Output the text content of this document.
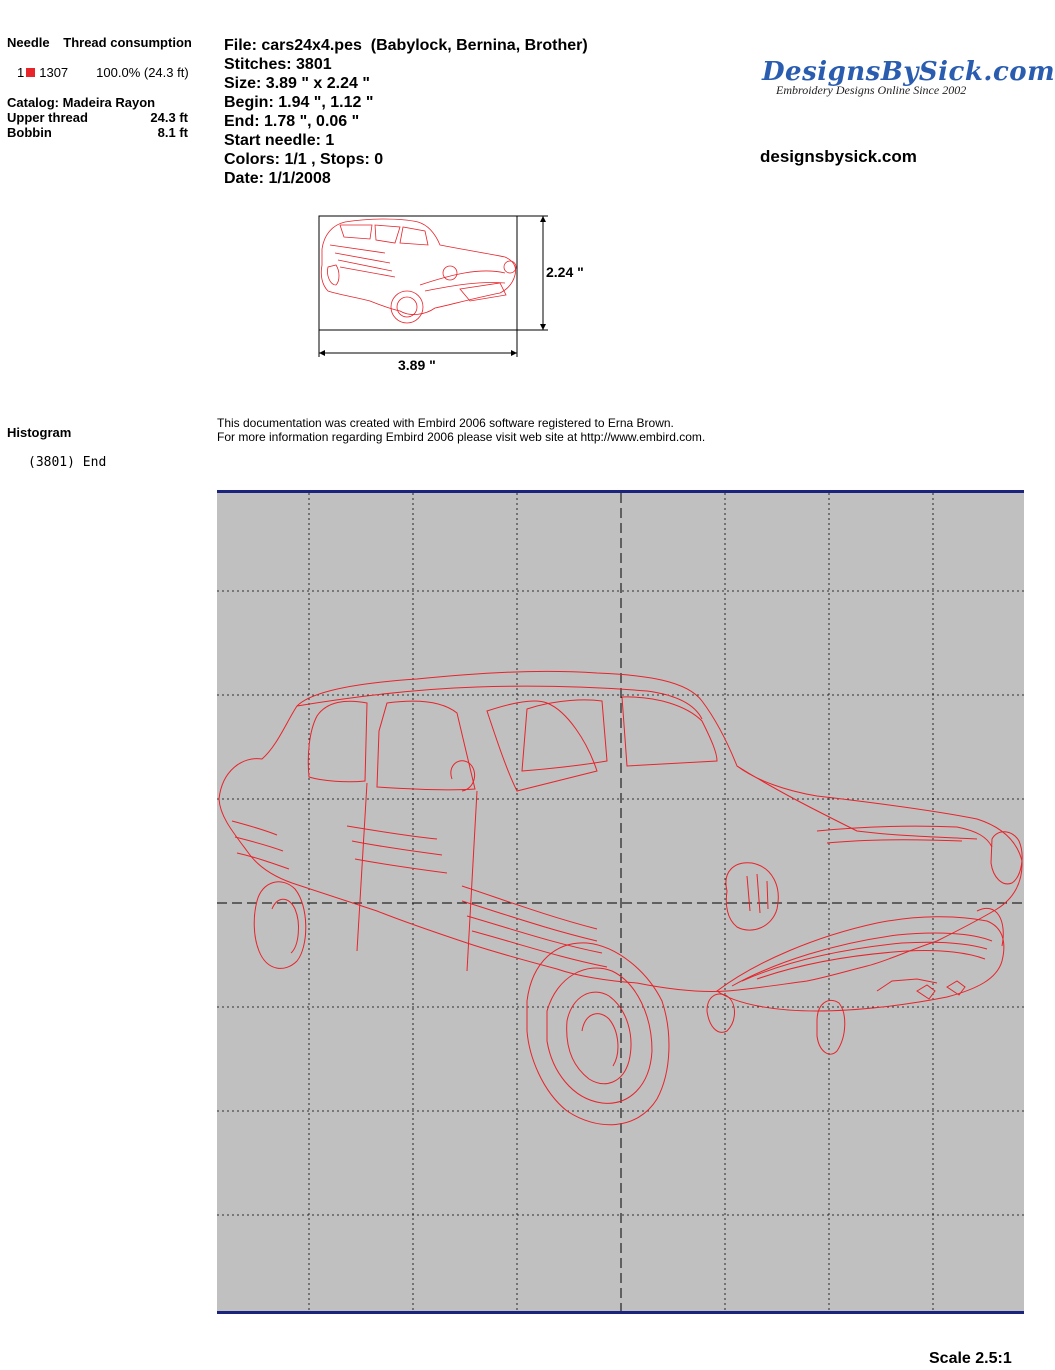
Needle Thread consumption
1 1307 100.0% (24.3 ft)
Catalog: Madeira Rayon
Upper thread	24.3 ft
Bobbin	8.1 ft
Histogram
(3801) End
File: cars24x4.pes  (Babylock, Bernina, Brother)
Stitches: 3801
Size: 3.89 " x 2.24 "
Begin: 1.94 ", 1.12 "
End: 1.78 ", 0.06 "
Start needle: 1
Colors: 1/1 , Stops: 0
Date: 1/1/2008
DesignsBySick.com
Embroidery Designs Online Since 2002
designsbysick.com
3.89 "
2.24 "
This documentation was created with Embird 2006 software registered to Erna Brown.
For more information regarding Embird 2006 please visit web site at http://www.embird.com.
Scale 2.5:1
